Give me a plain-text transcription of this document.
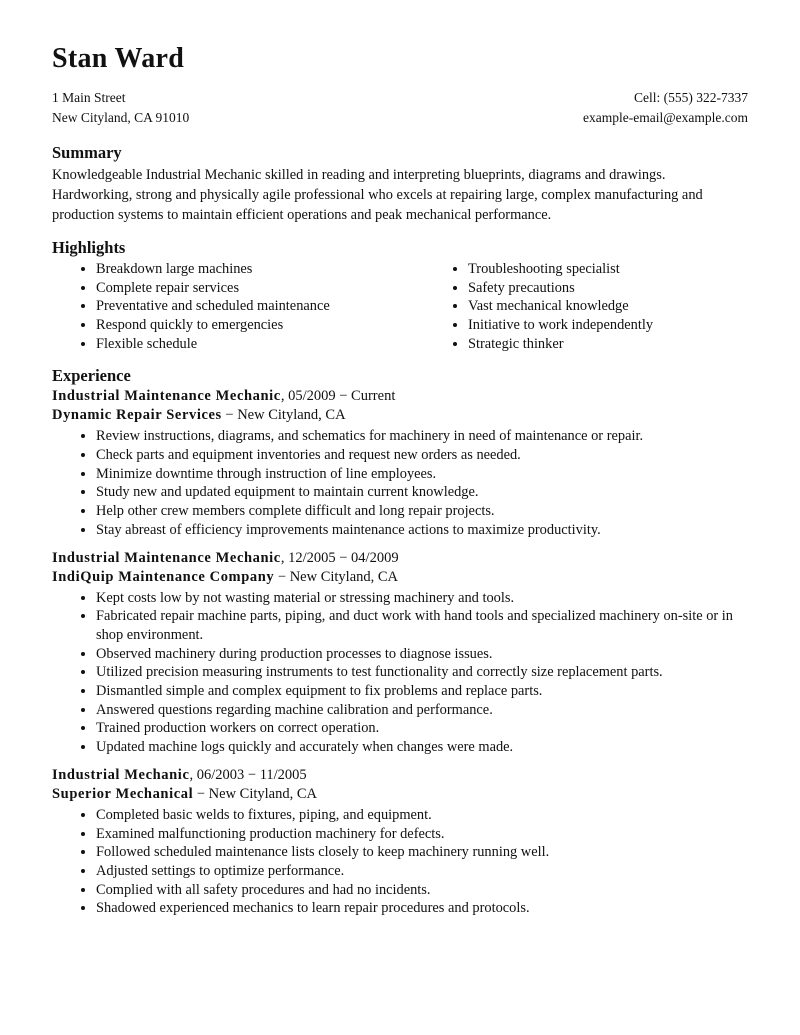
Stan Ward
1 Main Street
New Cityland, CA 91010
Cell: (555) 322-7337
example-email@example.com
Summary

Knowledgeable Industrial Mechanic skilled in reading and interpreting blueprints, diagrams and drawings. Hardworking, strong and physically agile professional who excels at repairing large, complex manufacturing and production systems to maintain efficient operations and peak mechanical performance.

Highlights
• Breakdown large machines
• Complete repair services
• Preventative and scheduled maintenance
• Respond quickly to emergencies
• Flexible schedule
• Troubleshooting specialist
• Safety precautions
• Vast mechanical knowledge
• Initiative to work independently
• Strategic thinker
Experience
Industrial Maintenance Mechanic, 05/2009 − Current
Dynamic Repair Services − New Cityland, CA
• Review instructions, diagrams, and schematics for machinery in need of maintenance or repair.
• Check parts and equipment inventories and request new orders as needed.
• Minimize downtime through instruction of line employees.
• Study new and updated equipment to maintain current knowledge.
• Help other crew members complete difficult and long repair projects.
• Stay abreast of efficiency improvements maintenance actions to maximize productivity.
Industrial Maintenance Mechanic, 12/2005 − 04/2009
IndiQuip Maintenance Company − New Cityland, CA
• Kept costs low by not wasting material or stressing machinery and tools.
• Fabricated repair machine parts, piping, and duct work with hand tools and specialized machinery on-site or in shop environment.
• Observed machinery during production processes to diagnose issues.
• Utilized precision measuring instruments to test functionality and correctly size replacement parts.
• Dismantled simple and complex equipment to fix problems and replace parts.
• Answered questions regarding machine calibration and performance.
• Trained production workers on correct operation.
• Updated machine logs quickly and accurately when changes were made.
Industrial Mechanic, 06/2003 − 11/2005
Superior Mechanical − New Cityland, CA
• Completed basic welds to fixtures, piping, and equipment.
• Examined malfunctioning production machinery for defects.
• Followed scheduled maintenance lists closely to keep machinery running well.
• Adjusted settings to optimize performance.
• Complied with all safety procedures and had no incidents.
• Shadowed experienced mechanics to learn repair procedures and protocols.
